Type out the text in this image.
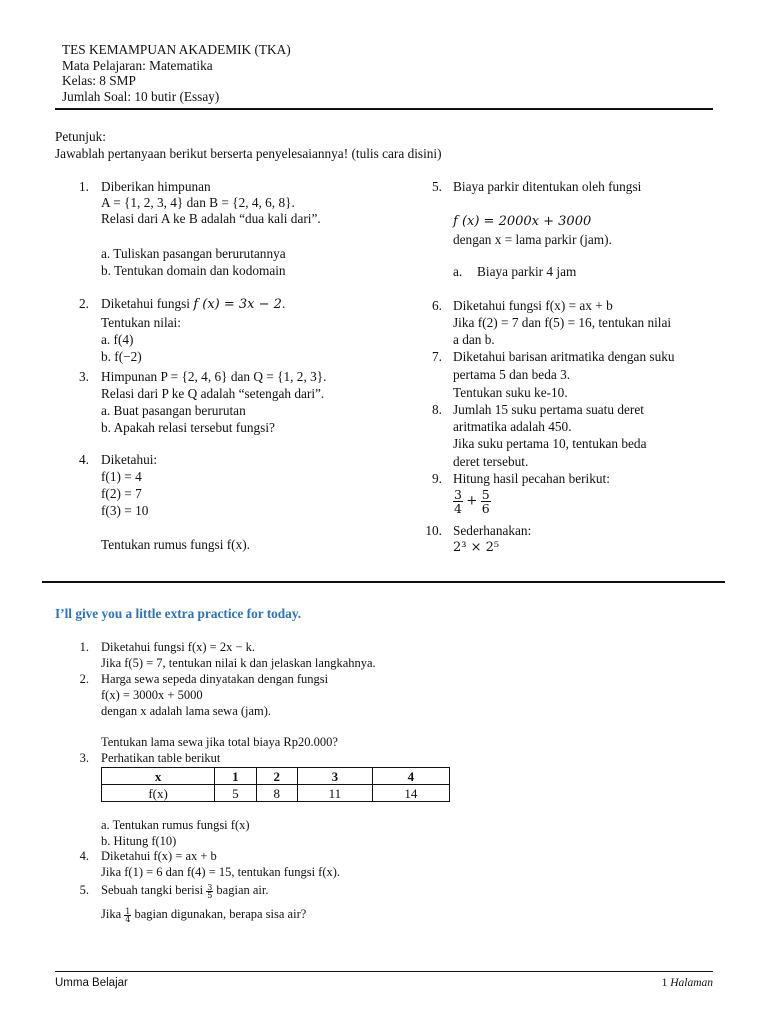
TES KEMAMPUAN AKADEMIK (TKA)
Mata Pelajaran: Matematika
Kelas: 8 SMP
Jumlah Soal: 10 butir (Essay)
Petunjuk:
Jawablah pertanyaan berikut berserta penyelesaiannya! (tulis cara disini)
1. Diberikan himpunan
A = {1, 2, 3, 4} dan B = {2, 4, 6, 8}.
Relasi dari A ke B adalah “dua kali dari”.
a. Tuliskan pasangan berurutannya
b. Tentukan domain dan kodomain
2. Diketahui fungsi f (x) = 3x − 2.
Tentukan nilai:
a. f(4)
b. f(−2)
3. Himpunan P = {2, 4, 6} dan Q = {1, 2, 3}.
Relasi dari P ke Q adalah “setengah dari”.
a. Buat pasangan berurutan
b. Apakah relasi tersebut fungsi?
4. Diketahui:
f(1) = 4
f(2) = 7
f(3) = 10
Tentukan rumus fungsi f(x).
5. Biaya parkir ditentukan oleh fungsi
f (x) = 2000x + 3000
dengan x = lama parkir (jam).
a. Biaya parkir 4 jam
6. Diketahui fungsi f(x) = ax + b
Jika f(2) = 7 dan f(5) = 16, tentukan nilai
a dan b.
7. Diketahui barisan aritmatika dengan suku
pertama 5 dan beda 3.
Tentukan suku ke-10.
8. Jumlah 15 suku pertama suatu deret
aritmatika adalah 450.
Jika suku pertama 10, tentukan beda
deret tersebut.
9. Hitung hasil pecahan berikut:
$\frac{3}{4} + \frac{5}{6}$
10. Sederhanakan:
2³ × 2⁵
I’ll give you a little extra practice for today.
1. Diketahui fungsi f(x) = 2x − k.
Jika f(5) = 7, tentukan nilai k dan jelaskan langkahnya.
2. Harga sewa sepeda dinyatakan dengan fungsi
f(x) = 3000x + 5000
dengan x adalah lama sewa (jam).
Tentukan lama sewa jika total biaya Rp20.000?
3. Perhatikan table berikut
a. Tentukan rumus fungsi f(x)
b. Hitung f(10)
x	1	2	3	4
f(x)	5	8	11	14
4. Diketahui f(x) = ax + b
Jika f(1) = 6 dan f(4) = 15, tentukan fungsi f(x).
5. Sebuah tangki berisi $\frac{3}{5}$ bagian air.
Jika $\frac{1}{4}$ bagian digunakan, berapa sisa air?
Umma Belajar	1 Halaman
